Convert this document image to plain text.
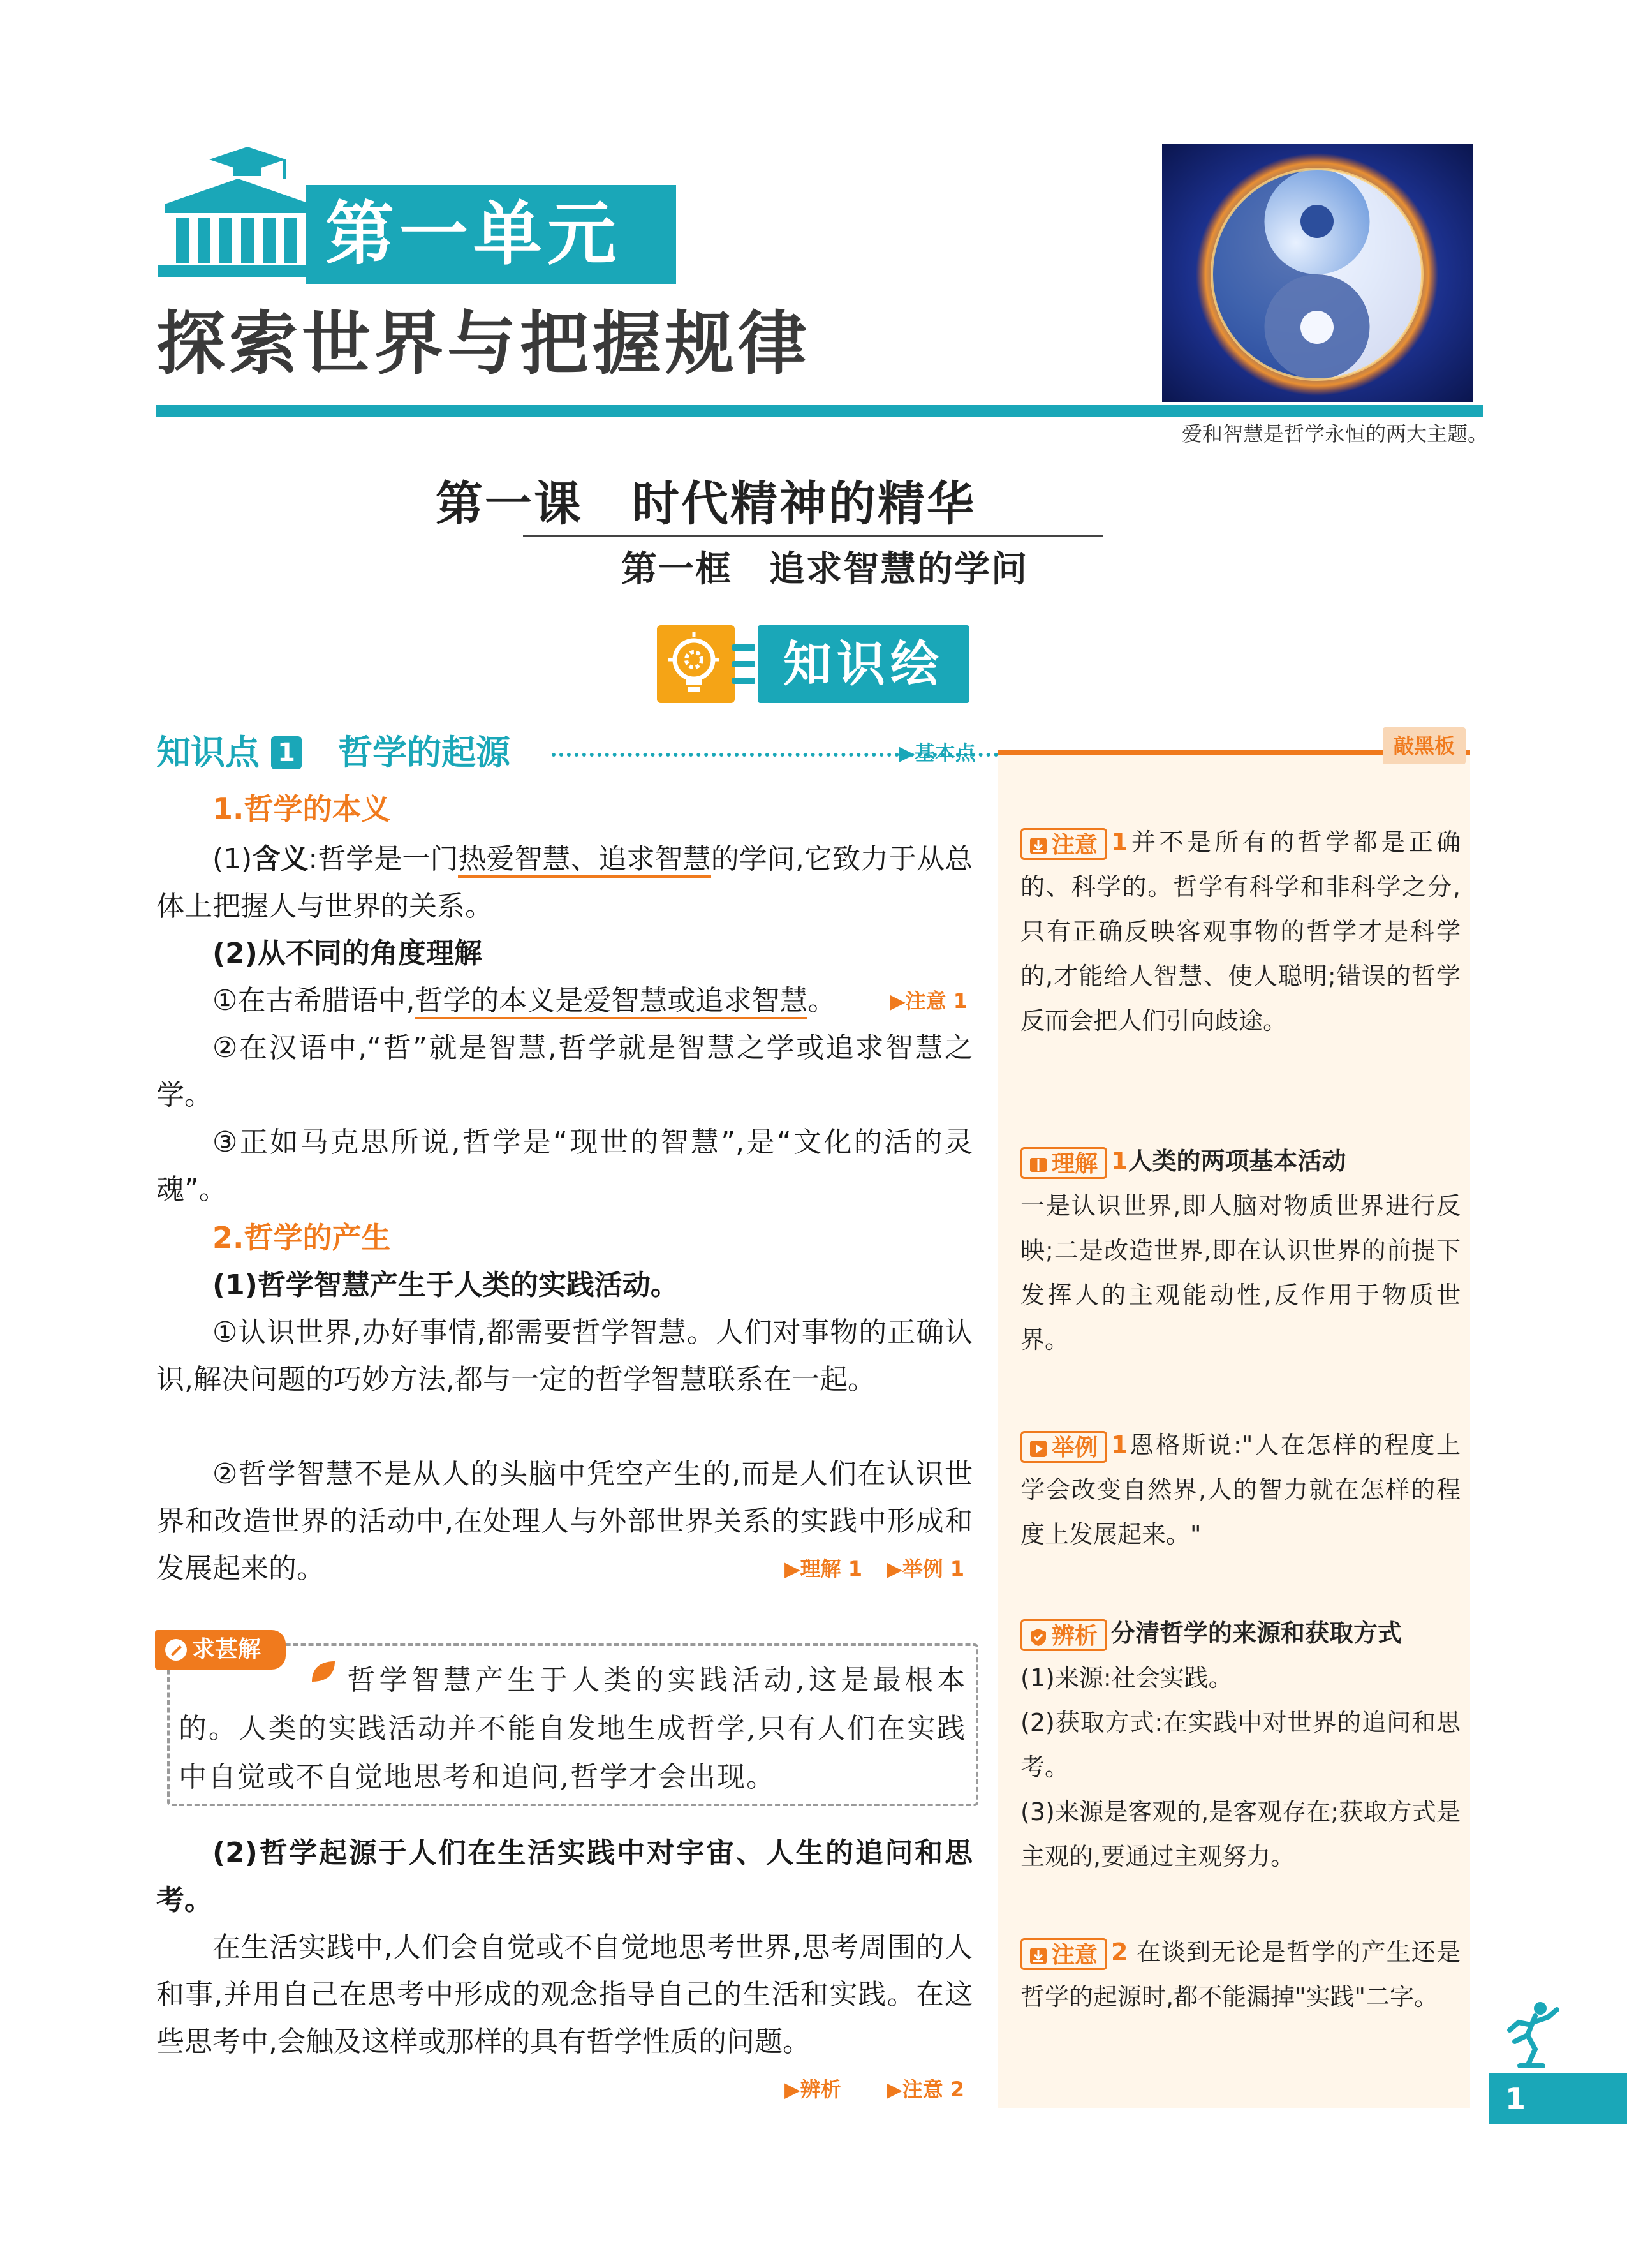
第一单元
探索世界与把握规律
爱和智慧是哲学永恒的两大主题。
第一课　时代精神的精华
第一框　追求智慧的学问
知识绘
知识点 1 哲学的起源	▶基本点
1.哲学的本义
(1)含义:哲学是一门热爱智慧、追求智慧的学问,它致力于从总体上把握人与世界的关系。
(2)从不同的角度理解
①在古希腊语中,哲学的本义是爱智慧或追求智慧。	▶注意 1
②在汉语中,“哲”就是智慧,哲学就是智慧之学或追求智慧之学。
③正如马克思所说,哲学是“现世的智慧”,是“文化的活的灵魂”。
2.哲学的产生
(1)哲学智慧产生于人类的实践活动。
①认识世界,办好事情,都需要哲学智慧。人们对事物的正确认识,解决问题的巧妙方法,都与一定的哲学智慧联系在一起。
②哲学智慧不是从人的头脑中凭空产生的,而是人们在认识世界和改造世界的活动中,在处理人与外部世界关系的实践中形成和发展起来的。	▶理解 1 ▶举例 1
求甚解
哲学智慧产生于人类的实践活动,这是最根本的。人类的实践活动并不能自发地生成哲学,只有人们在实践中自觉或不自觉地思考和追问,哲学才会出现。
(2)哲学起源于人们在生活实践中对宇宙、人生的追问和思考。
在生活实践中,人们会自觉或不自觉地思考世界,思考周围的人和事,并用自己在思考中形成的观念指导自己的生活和实践。在这些思考中,会触及这样或那样的具有哲学性质的问题。
▶辨析 ▶注意 2
敲黑板
注意 1并不是所有的哲学都是正确的、科学的。哲学有科学和非科学之分,只有正确反映客观事物的哲学才是科学的,才能给人智慧、使人聪明;错误的哲学反而会把人们引向歧途。
理解 1人类的两项基本活动
一是认识世界,即人脑对物质世界进行反映;二是改造世界,即在认识世界的前提下发挥人的主观能动性,反作用于物质世界。
举例 1恩格斯说:"人在怎样的程度上学会改变自然界,人的智力就在怎样的程度上发展起来。"
辨析 分清哲学的来源和获取方式
(1)来源:社会实践。
(2)获取方式:在实践中对世界的追问和思考。
(3)来源是客观的,是客观存在;获取方式是主观的,要通过主观努力。
注意 2 在谈到无论是哲学的产生还是哲学的起源时,都不能漏掉"实践"二字。
1
